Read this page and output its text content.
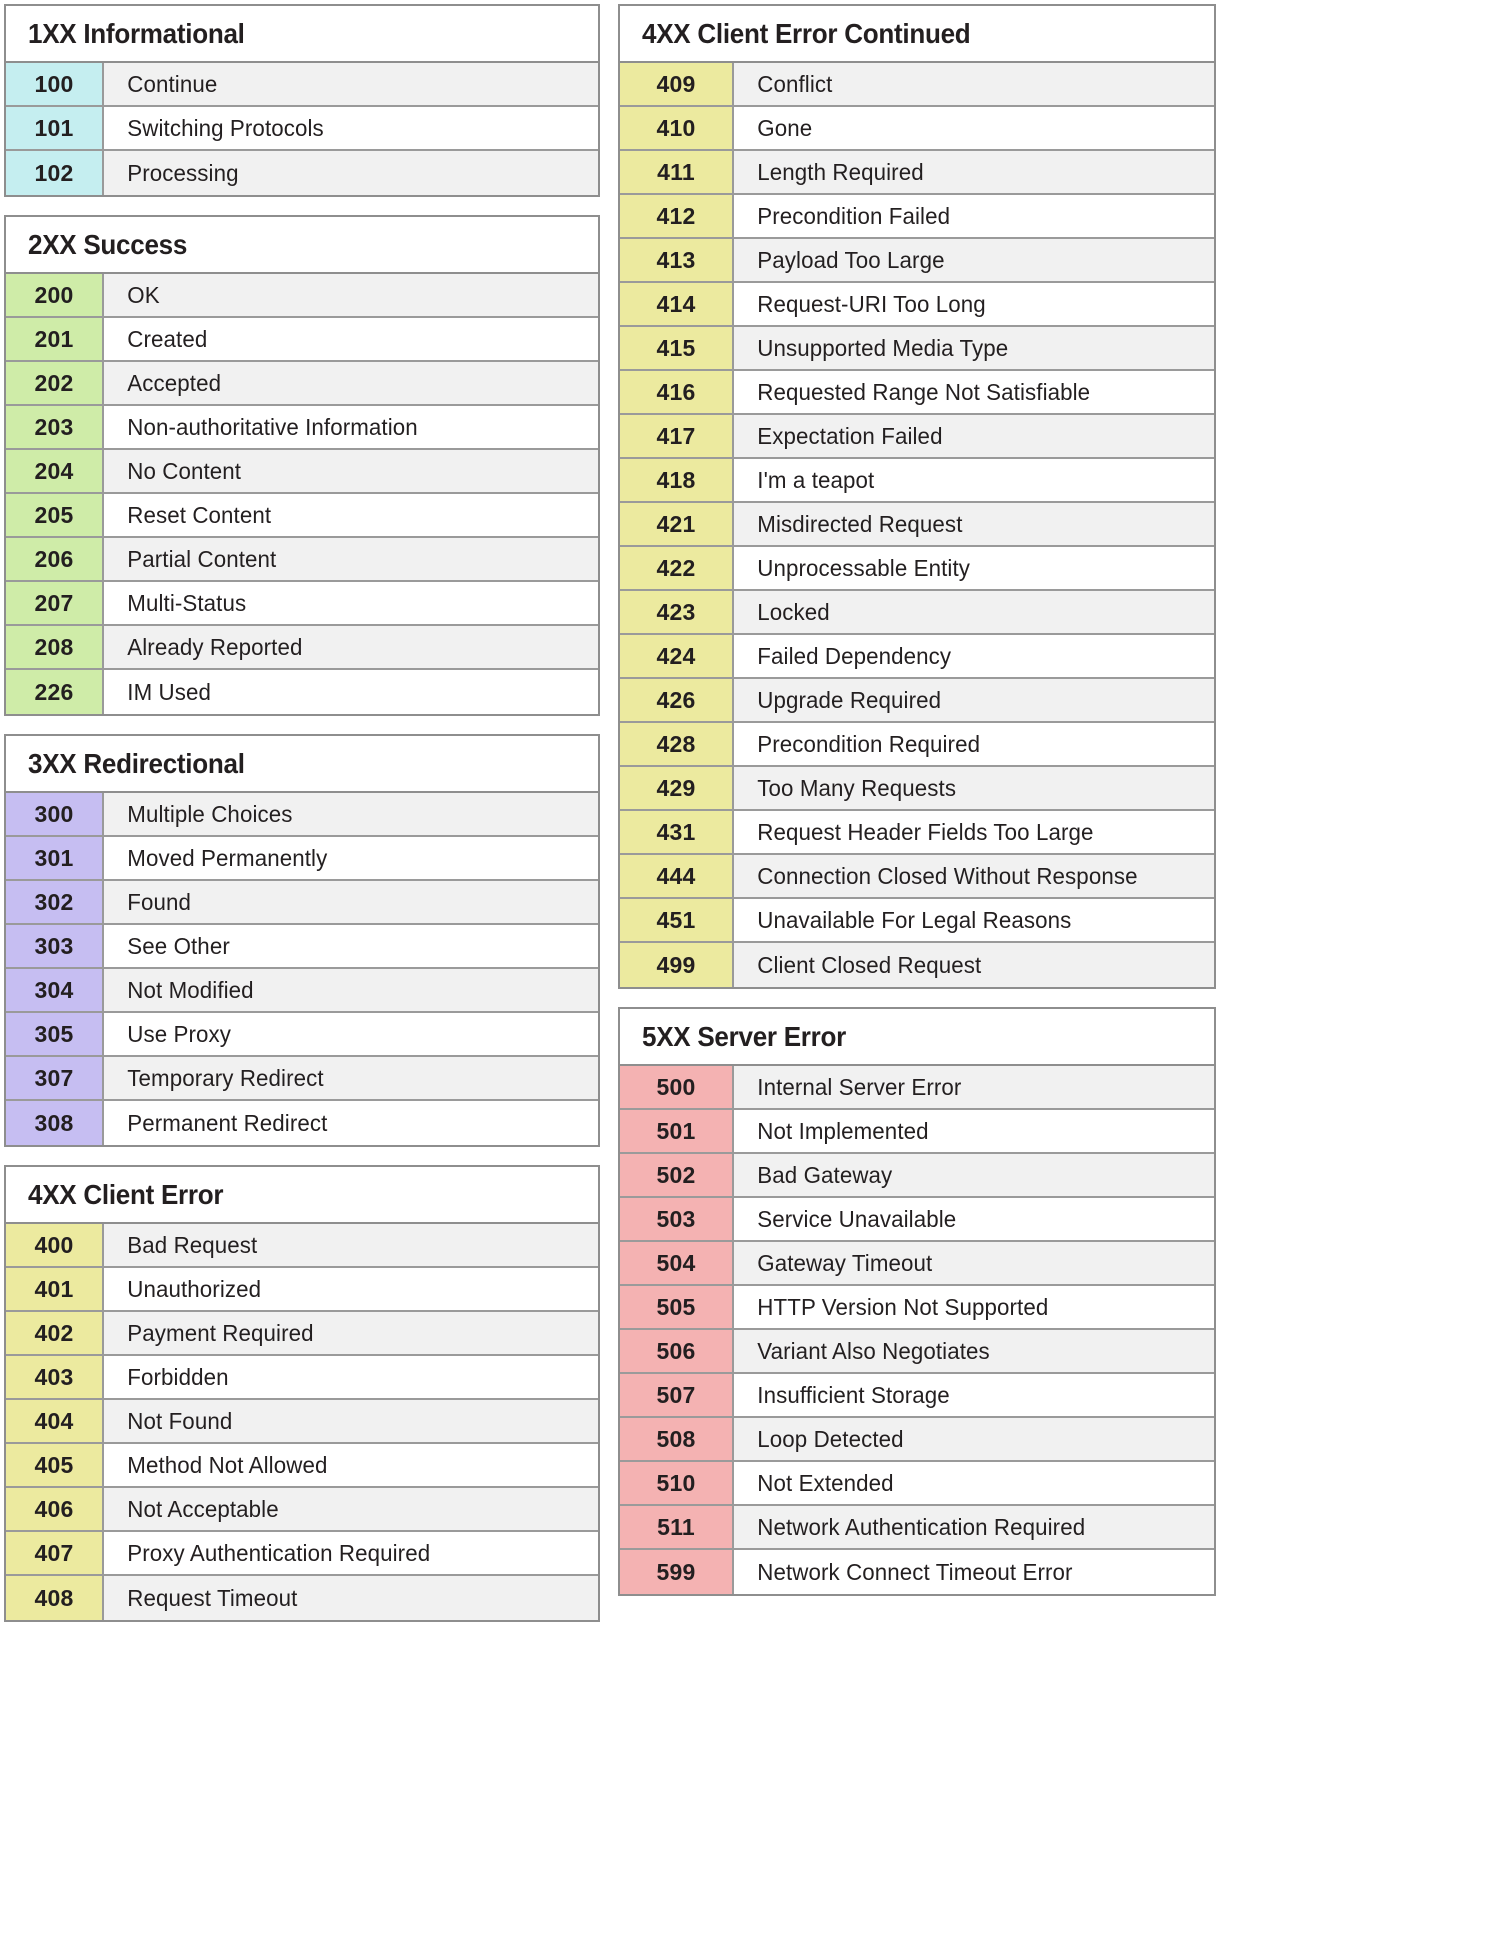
1XX Informational
100	Continue
101	Switching Protocols
102	Processing
2XX Success
200	OK
201	Created
202	Accepted
203	Non-authoritative Information
204	No Content
205	Reset Content
206	Partial Content
207	Multi-Status
208	Already Reported
226	IM Used
3XX Redirectional
300	Multiple Choices
301	Moved Permanently
302	Found
303	See Other
304	Not Modified
305	Use Proxy
307	Temporary Redirect
308	Permanent Redirect
4XX Client Error
400	Bad Request
401	Unauthorized
402	Payment Required
403	Forbidden
404	Not Found
405	Method Not Allowed
406	Not Acceptable
407	Proxy Authentication Required
408	Request Timeout
4XX Client Error Continued
409	Conflict
410	Gone
411	Length Required
412	Precondition Failed
413	Payload Too Large
414	Request-URI Too Long
415	Unsupported Media Type
416	Requested Range Not Satisfiable
417	Expectation Failed
418	I'm a teapot
421	Misdirected Request
422	Unprocessable Entity
423	Locked
424	Failed Dependency
426	Upgrade Required
428	Precondition Required
429	Too Many Requests
431	Request Header Fields Too Large
444	Connection Closed Without Response
451	Unavailable For Legal Reasons
499	Client Closed Request
5XX Server Error
500	Internal Server Error
501	Not Implemented
502	Bad Gateway
503	Service Unavailable
504	Gateway Timeout
505	HTTP Version Not Supported
506	Variant Also Negotiates
507	Insufficient Storage
508	Loop Detected
510	Not Extended
511	Network Authentication Required
599	Network Connect Timeout Error
